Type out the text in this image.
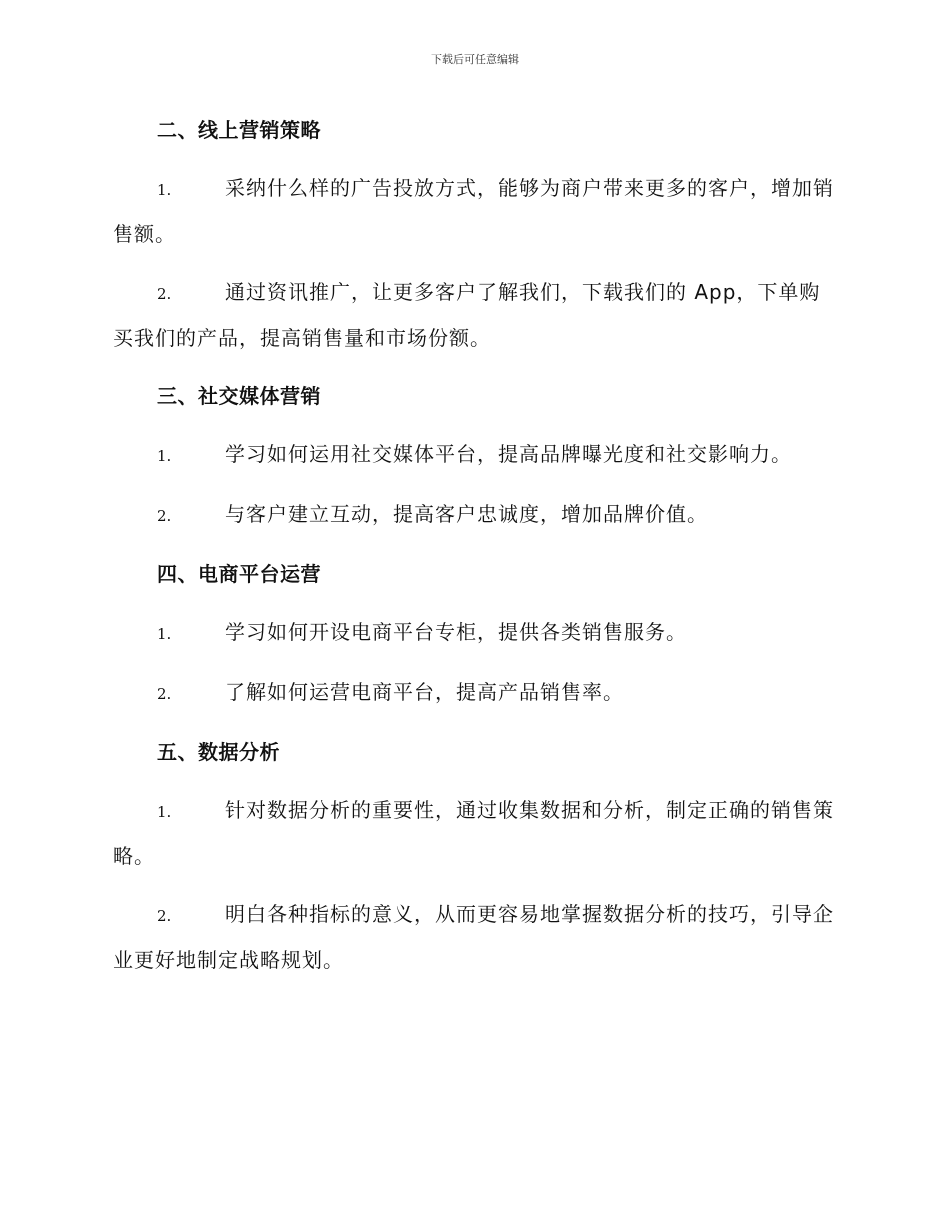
下载后可任意编辑
二、线上营销策略

1.	采纳什么样的广告投放方式，能够为商户带来更多的客户，增加销售额。

2.	通过资讯推广，让更多客户了解我们，下载我们的 App，下单购买我们的产品，提高销售量和市场份额。

三、社交媒体营销

1.	学习如何运用社交媒体平台，提高品牌曝光度和社交影响力。

2.	与客户建立互动，提高客户忠诚度，增加品牌价值。

四、电商平台运营

1.	学习如何开设电商平台专柜，提供各类销售服务。

2.	了解如何运营电商平台，提高产品销售率。

五、数据分析

1.	针对数据分析的重要性，通过收集数据和分析，制定正确的销售策略。

2.	明白各种指标的意义，从而更容易地掌握数据分析的技巧，引导企业更好地制定战略规划。
